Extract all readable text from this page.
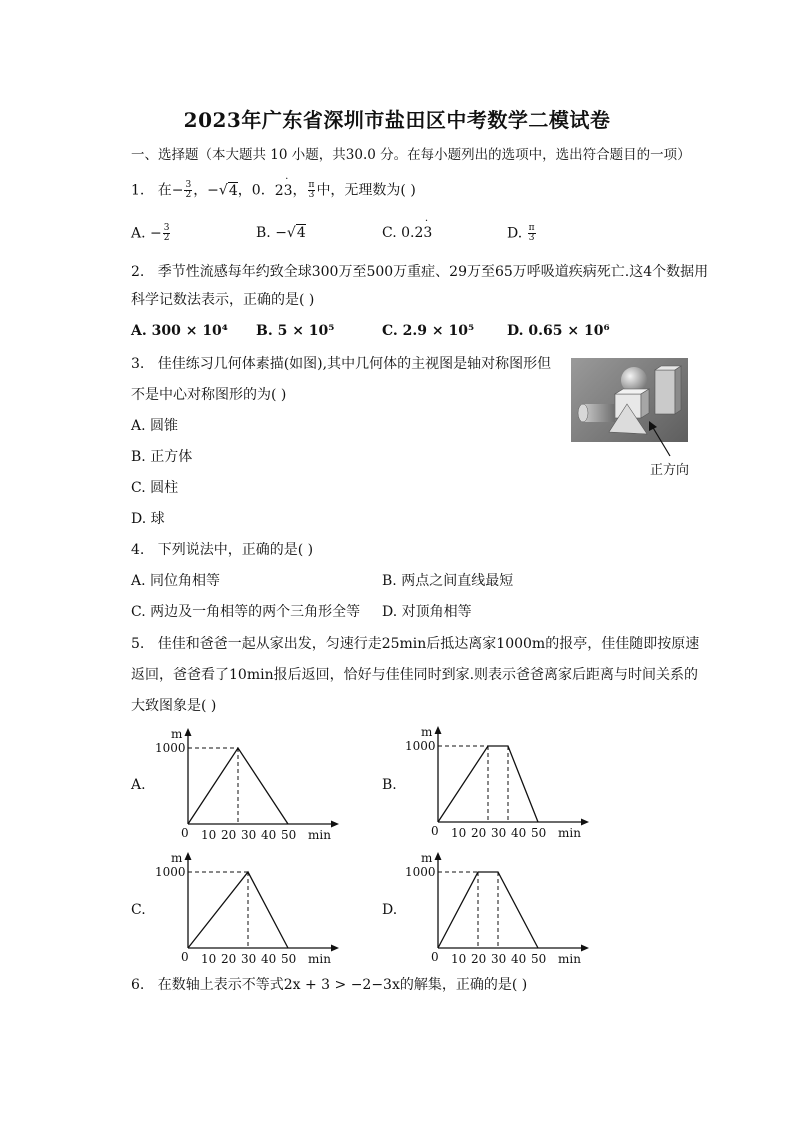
2023年广东省深圳市盐田区中考数学二模试卷
一、选择题（本大题共 10 小题，共30.0 分。在每小题列出的选项中，选出符合题目的一项）
1. 在− $\frac{3}{2}$ ，−√4，0．˙ 23， $\frac{\pi}{3}$ 中，无理数为( )
A. − $\frac{3}{2}$	B. −√4	C. 0.˙ 23	D. $\frac{\pi}{3}$
2. 季节性流感每年约致全球300万至500万重症、29万至65万呼吸道疾病死亡.这4个数据用
科学记数法表示，正确的是( )
A. 300 × 10⁴ B. 5 × 10⁵	C. 2.9 × 10⁵ D. 0.65 × 10⁶
3. 佳佳练习几何体素描(如图),其中几何体的主视图是轴对称图形但
不是中心对称图形的为( )
A. 圆锥
B. 正方体
C. 圆柱
D. 球
正方向
4. 下列说法中，正确的是( )
A. 同位角相等	B. 两点之间直线最短
C. 两边及一角相等的两个三角形全等 D. 对顶角相等
5. 佳佳和爸爸一起从家出发，匀速行走25min后抵达离家1000m的报亭，佳佳随即按原速
返回，爸爸看了10min报后返回，恰好与佳佳同时到家.则表示爸爸离家后距离与时间关系的
大致图象是( )
A.	B.
C.	D.
m
1000
0 10 20 30 40 50 min
m
1000
0 10 20 30 40 50 min
m
1000
0 10 20 30 40 50 min
m
1000
0 10 20 30 40 50 min
6. 在数轴上表示不等式2x + 3 > −2−3x的解集，正确的是( )
